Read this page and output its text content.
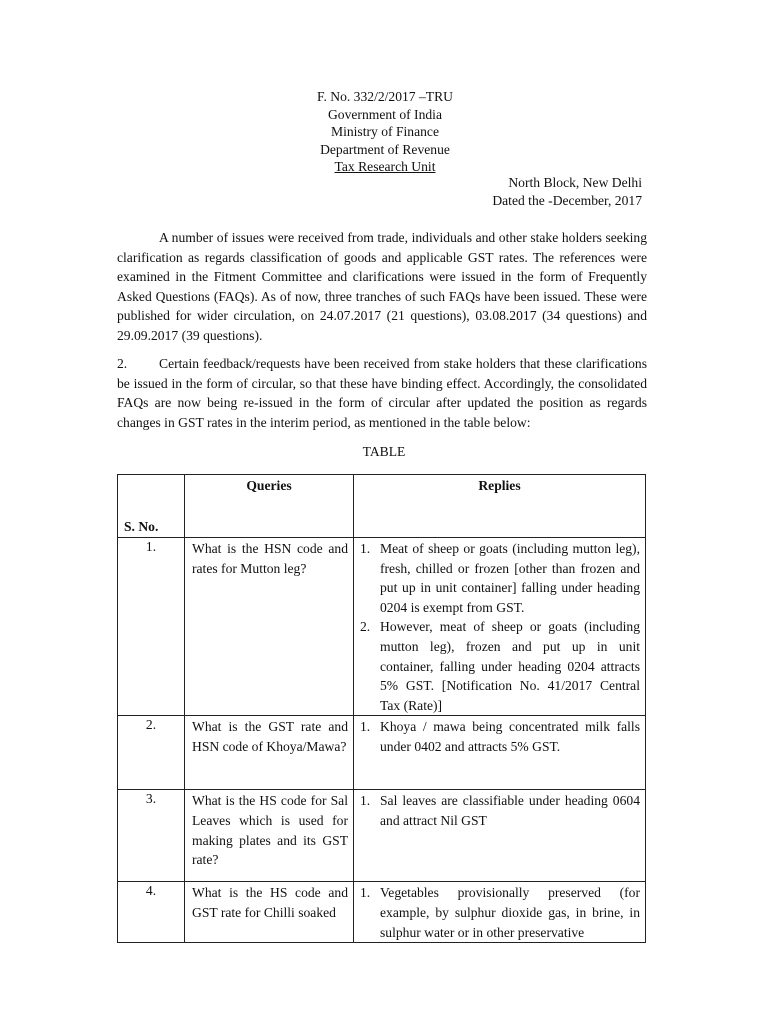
F. No. 332/2/2017 –TRU
Government of India
Ministry of Finance
Department of Revenue
Tax Research Unit
North Block, New Delhi
Dated the -December, 2017

A number of issues were received from trade, individuals and other stake holders seeking clarification as regards classification of goods and applicable GST rates. The references were examined in the Fitment Committee and clarifications were issued in the form of Frequently Asked Questions (FAQs). As of now, three tranches of such FAQs have been issued. These were published for wider circulation, on 24.07.2017 (21 questions), 03.08.2017 (34 questions) and 29.09.2017 (39 questions).

2. Certain feedback/requests have been received from stake holders that these clarifications be issued in the form of circular, so that these have binding effect. Accordingly, the consolidated FAQs are now being re-issued in the form of circular after updated the position as regards changes in GST rates in the interim period, as mentioned in the table below:

TABLE
S. No.	Queries	Replies
1.	What is the HSN code and rates for Mutton leg?	1. Meat of sheep or goats (including mutton leg), fresh, chilled or frozen [other than frozen and put up in unit container] falling under heading 0204 is exempt from GST.
2. However, meat of sheep or goats (including mutton leg), frozen and put up in unit container, falling under heading 0204 attracts 5% GST. [Notification No. 41/2017 Central Tax (Rate)]

2.	What is the GST rate and HSN code of Khoya/Mawa?	1. Khoya / mawa being concentrated milk falls under 0402 and attracts 5% GST.

3.	What is the HS code for Sal Leaves which is used for making plates and its GST rate?	1. Sal leaves are classifiable under heading 0604 and attract Nil GST

4.	What is the HS code and GST rate for Chilli soaked	1. Vegetables provisionally preserved (for example, by sulphur dioxide gas, in brine, in sulphur water or in other preservative
